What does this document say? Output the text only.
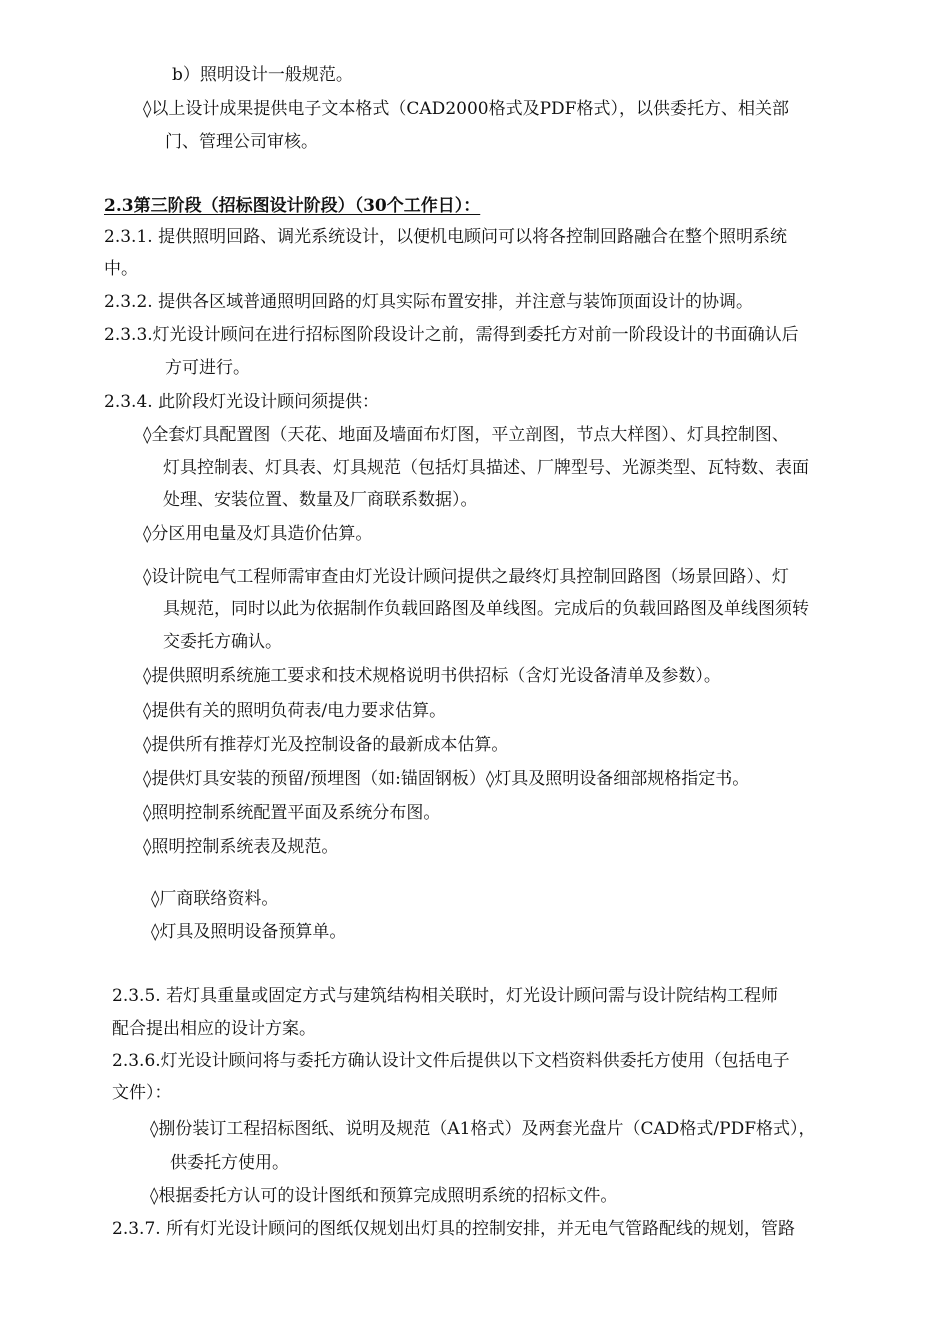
b）照明设计一般规范。
◊以上设计成果提供电子文本格式（CAD2000格式及PDF格式），以供委托方、相关部
门、管理公司审核。
2.3第三阶段（招标图设计阶段）（30个工作日）：
2.3.1. 提供照明回路、调光系统设计，以便机电顾问可以将各控制回路融合在整个照明系统
中。
2.3.2. 提供各区域普通照明回路的灯具实际布置安排，并注意与装饰顶面设计的协调。
2.3.3.灯光设计顾问在进行招标图阶段设计之前，需得到委托方对前一阶段设计的书面确认后
方可进行。
2.3.4. 此阶段灯光设计顾问须提供：
◊全套灯具配置图（天花、地面及墙面布灯图，平立剖图，节点大样图）、灯具控制图、
灯具控制表、灯具表、灯具规范（包括灯具描述、厂牌型号、光源类型、瓦特数、表面
处理、安装位置、数量及厂商联系数据）。
◊分区用电量及灯具造价估算。
◊设计院电气工程师需审查由灯光设计顾问提供之最终灯具控制回路图（场景回路）、灯
具规范，同时以此为依据制作负载回路图及单线图。完成后的负载回路图及单线图须转
交委托方确认。
◊提供照明系统施工要求和技术规格说明书供招标（含灯光设备清单及参数）。
◊提供有关的照明负荷表/电力要求估算。
◊提供所有推荐灯光及控制设备的最新成本估算。
◊提供灯具安装的预留/预埋图（如:锚固钢板）◊灯具及照明设备细部规格指定书。
◊照明控制系统配置平面及系统分布图。
◊照明控制系统表及规范。
◊厂商联络资料。
◊灯具及照明设备预算单。
2.3.5. 若灯具重量或固定方式与建筑结构相关联时，灯光设计顾问需与设计院结构工程师
配合提出相应的设计方案。
2.3.6.灯光设计顾问将与委托方确认设计文件后提供以下文档资料供委托方使用（包括电子
文件）：
◊捌份装订工程招标图纸、说明及规范（A1格式）及两套光盘片（CAD格式/PDF格式），
供委托方使用。
◊根据委托方认可的设计图纸和预算完成照明系统的招标文件。
2.3.7. 所有灯光设计顾问的图纸仅规划出灯具的控制安排，并无电气管路配线的规划，管路
